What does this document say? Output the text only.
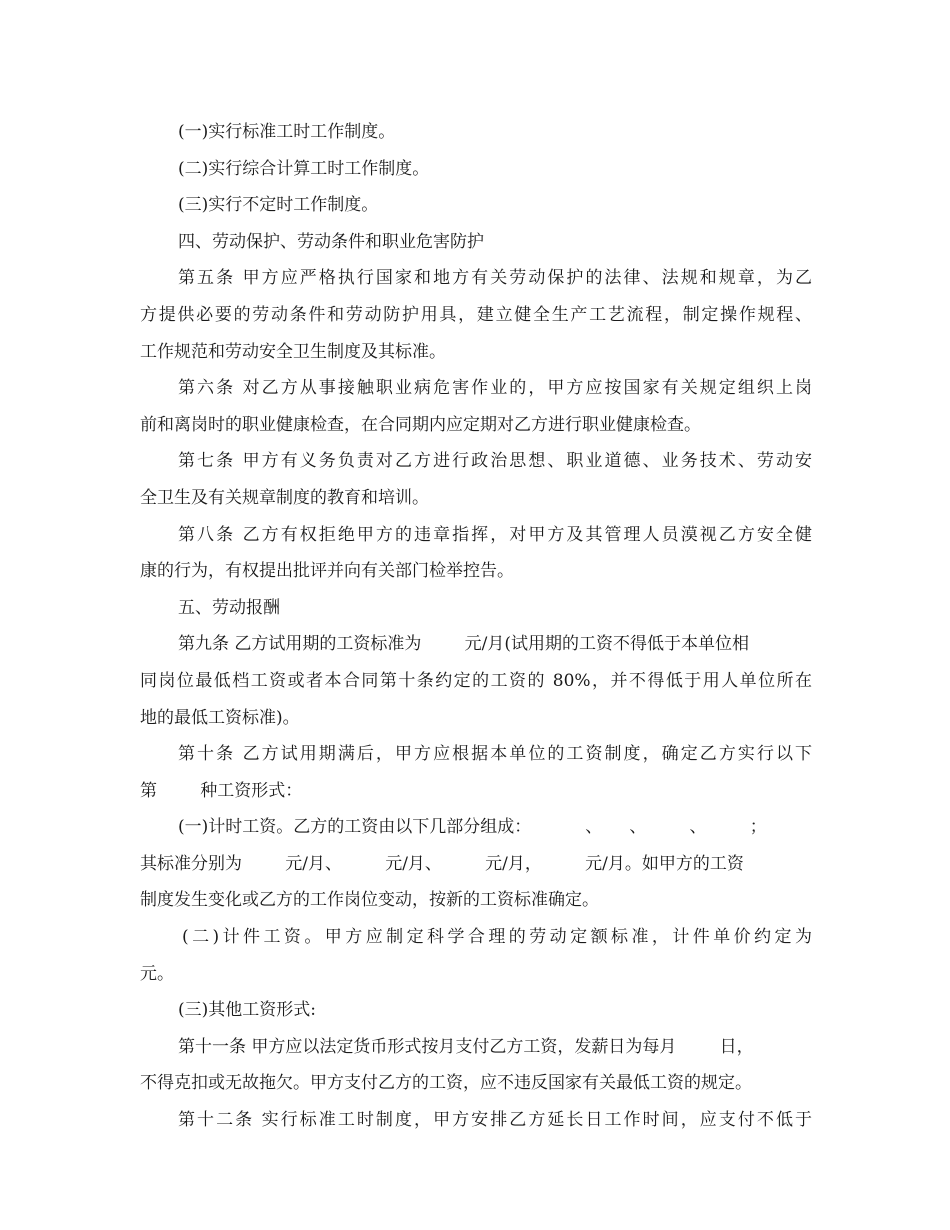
(一)实行标准工时工作制度。
(二)实行综合计算工时工作制度。
(三)实行不定时工作制度。
四、劳动保护、劳动条件和职业危害防护
第五条 甲方应严格执行国家和地方有关劳动保护的法律、法规和规章，为乙
方提供必要的劳动条件和劳动防护用具，建立健全生产工艺流程，制定操作规程、
工作规范和劳动安全卫生制度及其标准。
第六条 对乙方从事接触职业病危害作业的，甲方应按国家有关规定组织上岗
前和离岗时的职业健康检查，在合同期内应定期对乙方进行职业健康检查。
第七条 甲方有义务负责对乙方进行政治思想、职业道德、业务技术、劳动安
全卫生及有关规章制度的教育和培训。
第八条 乙方有权拒绝甲方的违章指挥，对甲方及其管理人员漠视乙方安全健
康的行为，有权提出批评并向有关部门检举控告。
五、劳动报酬
第九条 乙方试用期的工资标准为        元/月(试用期的工资不得低于本单位相
同岗位最低档工资或者本合同第十条约定的工资的 80%，并不得低于用人单位所在
地的最低工资标准)。
第十条 乙方试用期满后，甲方应根据本单位的工资制度，确定乙方实行以下
第        种工资形式：
(一)计时工资。乙方的工资由以下几部分组成：          、     、        、        ；
其标准分别为        元/月、        元/月、        元/月，        元/月。如甲方的工资
制度发生变化或乙方的工作岗位变动，按新的工资标准确定。
(二)计件工资。甲方应制定科学合理的劳动定额标准，计件单价约定为
元。
(三)其他工资形式:
第十一条 甲方应以法定货币形式按月支付乙方工资，发薪日为每月        日，
不得克扣或无故拖欠。甲方支付乙方的工资，应不违反国家有关最低工资的规定。
第十二条 实行标准工时制度，甲方安排乙方延长日工作时间，应支付不低于
